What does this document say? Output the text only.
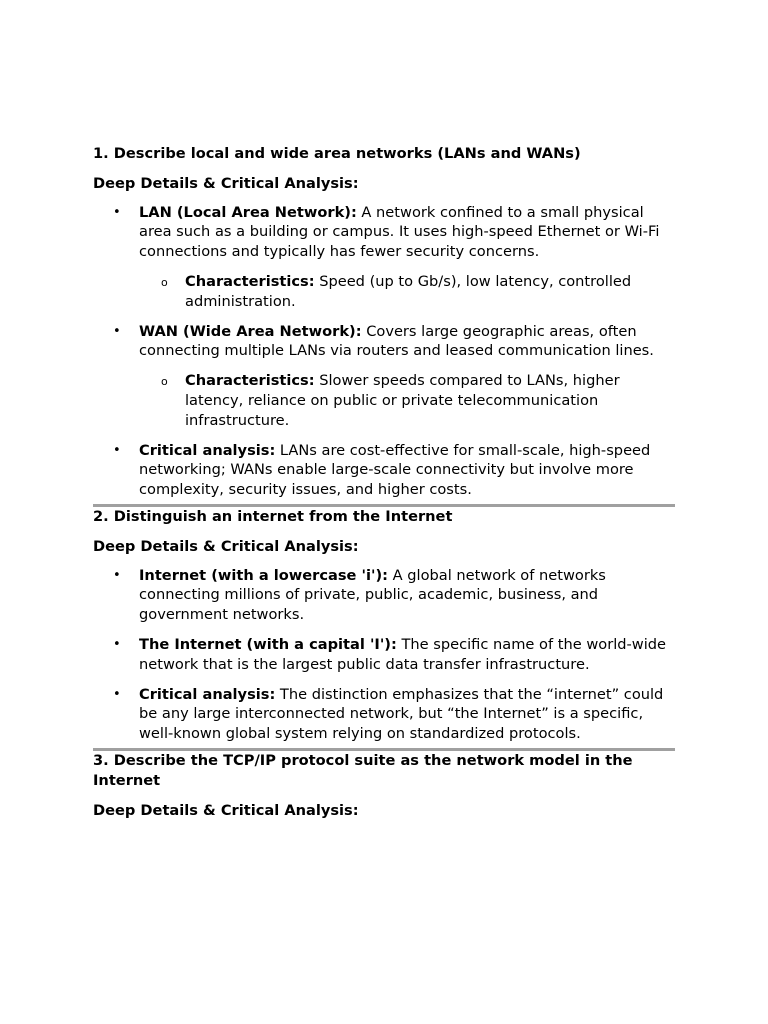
1. Describe local and wide area networks (LANs and WANs)
Deep Details & Critical Analysis:
• LAN (Local Area Network): A network confined to a small physical area such as a building or campus. It uses high-speed Ethernet or Wi-Fi connections and typically has fewer security concerns.
o Characteristics: Speed (up to Gb/s), low latency, controlled administration.
• WAN (Wide Area Network): Covers large geographic areas, often connecting multiple LANs via routers and leased communication lines.
o Characteristics: Slower speeds compared to LANs, higher latency, reliance on public or private telecommunication infrastructure.
• Critical analysis: LANs are cost-effective for small-scale, high-speed networking; WANs enable large-scale connectivity but involve more complexity, security issues, and higher costs.
2. Distinguish an internet from the Internet
Deep Details & Critical Analysis:
• Internet (with a lowercase 'i'): A global network of networks connecting millions of private, public, academic, business, and government networks.
• The Internet (with a capital 'I'): The specific name of the world-wide network that is the largest public data transfer infrastructure.
• Critical analysis: The distinction emphasizes that the “internet” could be any large interconnected network, but “the Internet” is a specific, well-known global system relying on standardized protocols.
3. Describe the TCP/IP protocol suite as the network model in the Internet
Deep Details & Critical Analysis:
